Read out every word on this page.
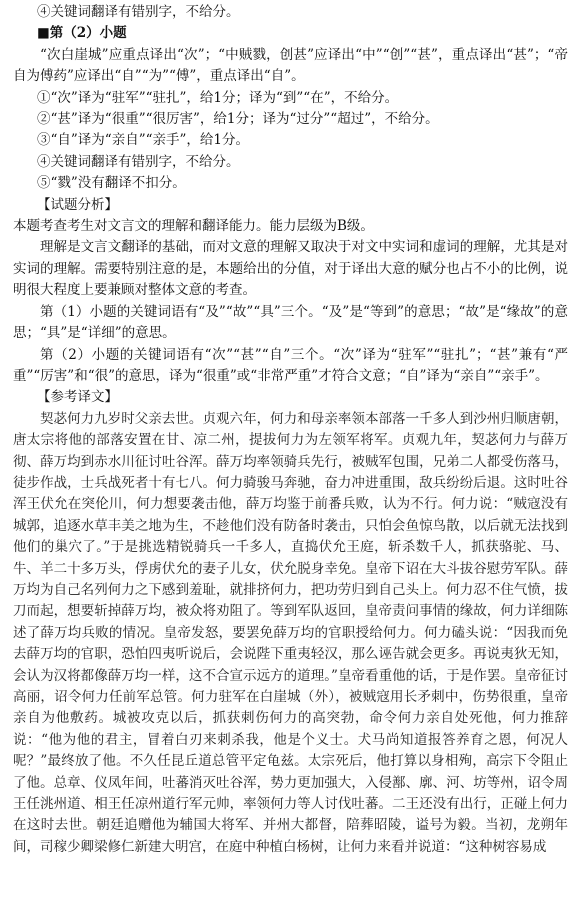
④关键词翻译有错别字，不给分。

■第（2）小题

“次白崖城”应重点译出“次”；“中贼戮，创甚”应译出“中”“创”“甚”，重点译出“甚”；“帝自为傅药”应译出“自”“为”“傅”，重点译出“自”。

①“次”译为“驻军”“驻扎”，给1分；译为“到”“在”，不给分。

②“甚”译为“很重”“很厉害”，给1分；译为“过分”“超过”，不给分。

③“自”译为“亲自”“亲手”，给1分。

④关键词翻译有错别字，不给分。

⑤“戮”没有翻译不扣分。

【试题分析】

本题考查考生对文言文的理解和翻译能力。能力层级为B级。

理解是文言文翻译的基础，而对文意的理解又取决于对文中实词和虚词的理解，尤其是对实词的理解。需要特别注意的是，本题给出的分值，对于译出大意的赋分也占不小的比例，说明很大程度上要兼顾对整体文意的考查。

第（1）小题的关键词语有“及”“故”“具”三个。“及”是“等到”的意思；“故”是“缘故”的意思；“具”是“详细”的意思。

第（2）小题的关键词语有“次”“甚”“自”三个。“次”译为“驻军”“驻扎”；“甚”兼有“严重”“厉害”和“很”的意思，译为“很重”或“非常严重”才符合文意；“自”译为“亲自”“亲手”。

【参考译文】

契苾何力九岁时父亲去世。贞观六年，何力和母亲率领本部落一千多人到沙州归顺唐朝，唐太宗将他的部落安置在甘、凉二州，提拔何力为左领军将军。贞观九年，契苾何力与薛万彻、薛万均到赤水川征讨吐谷浑。薛万均率领骑兵先行，被贼军包围，兄弟二人都受伤落马，徒步作战，士兵战死者十有七八。何力骑骏马奔驰，奋力冲进重围，敌兵纷纷后退。这时吐谷浑王伏允在突伦川，何力想要袭击他，薛万均鉴于前番兵败，认为不行。何力说：“贼寇没有城郭，追逐水草丰美之地为生，不趁他们没有防备时袭击，只怕会鱼惊鸟散，以后就无法找到他们的巢穴了。”于是挑选精锐骑兵一千多人，直捣伏允王庭，斩杀数千人，抓获骆驼、马、牛、羊二十多万头，俘虏伏允的妻子儿女，伏允脱身幸免。皇帝下诏在大斗拔谷慰劳军队。薛万均为自己名列何力之下感到羞耻，就排挤何力，把功劳归到自己头上。何力忍不住气愤，拔刀而起，想要斩掉薛万均，被众将劝阻了。等到军队返回，皇帝责问事情的缘故，何力详细陈述了薛万均兵败的情况。皇帝发怒，要罢免薛万均的官职授给何力。何力磕头说：“因我而免去薛万均的官职，恐怕四夷听说后，会说陛下重夷轻汉，那么诬告就会更多。再说夷狄无知，会认为汉将都像薛万均一样，这不合宣示远方的道理。”皇帝看重他的话，于是作罢。皇帝征讨高丽，诏令何力任前军总管。何力驻军在白崖城（外），被贼寇用长矛刺中，伤势很重，皇帝亲自为他敷药。城被攻克以后，抓获刺伤何力的高突勃，命令何力亲自处死他，何力推辞说：“他为他的君主，冒着白刃来刺杀我，他是个义士。犬马尚知道报答养育之恩，何况人呢？”最终放了他。不久任昆丘道总管平定龟兹。太宗死后，他打算以身相殉，高宗下令阻止了他。总章、仪凤年间，吐蕃消灭吐谷浑，势力更加强大，入侵鄯、廓、河、坊等州，诏令周王任洮州道、相王任凉州道行军元帅，率领何力等人讨伐吐蕃。二王还没有出行，正碰上何力在这时去世。朝廷追赠他为辅国大将军、并州大都督，陪葬昭陵，谥号为毅。当初，龙朔年间，司稼少卿梁修仁新建大明宫，在庭中种植白杨树，让何力来看并说道：“这种树容易成
